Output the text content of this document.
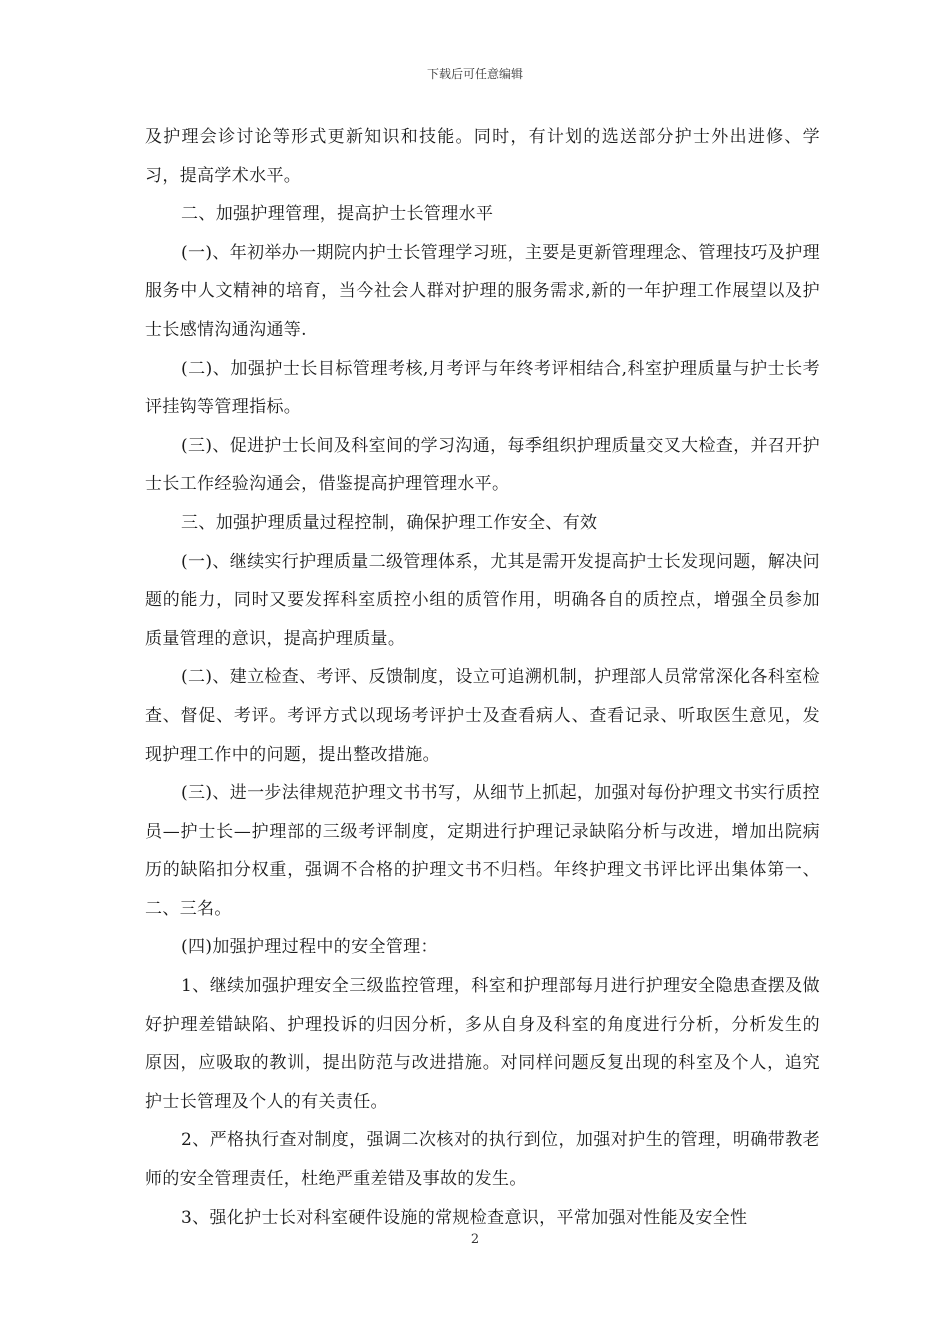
下载后可任意编辑

及护理会诊讨论等形式更新知识和技能。同时，有计划的选送部分护士外出进修、学习，提高学术水平。

二、加强护理管理，提高护士长管理水平

(一)、年初举办一期院内护士长管理学习班，主要是更新管理理念、管理技巧及护理服务中人文精神的培育，当今社会人群对护理的服务需求,新的一年护理工作展望以及护士长感情沟通沟通等.

(二)、加强护士长目标管理考核,月考评与年终考评相结合,科室护理质量与护士长考评挂钩等管理指标。

(三)、促进护士长间及科室间的学习沟通，每季组织护理质量交叉大检查，并召开护士长工作经验沟通会，借鉴提高护理管理水平。

三、加强护理质量过程控制，确保护理工作安全、有效

(一)、继续实行护理质量二级管理体系，尤其是需开发提高护士长发现问题，解决问题的能力，同时又要发挥科室质控小组的质管作用，明确各自的质控点，增强全员参加质量管理的意识，提高护理质量。

(二)、建立检查、考评、反馈制度，设立可追溯机制，护理部人员常常深化各科室检查、督促、考评。考评方式以现场考评护士及查看病人、查看记录、听取医生意见，发现护理工作中的问题，提出整改措施。

(三)、进一步法律规范护理文书书写，从细节上抓起，加强对每份护理文书实行质控员—护士长—护理部的三级考评制度，定期进行护理记录缺陷分析与改进，增加出院病历的缺陷扣分权重，强调不合格的护理文书不归档。年终护理文书评比评出集体第一、二、三名。

(四)加强护理过程中的安全管理：

1、继续加强护理安全三级监控管理，科室和护理部每月进行护理安全隐患查摆及做好护理差错缺陷、护理投诉的归因分析，多从自身及科室的角度进行分析，分析发生的原因，应吸取的教训，提出防范与改进措施。对同样问题反复出现的科室及个人，追究护士长管理及个人的有关责任。

2、严格执行查对制度，强调二次核对的执行到位，加强对护生的管理，明确带教老师的安全管理责任，杜绝严重差错及事故的发生。

3、强化护士长对科室硬件设施的常规检查意识，平常加强对性能及安全性

2
